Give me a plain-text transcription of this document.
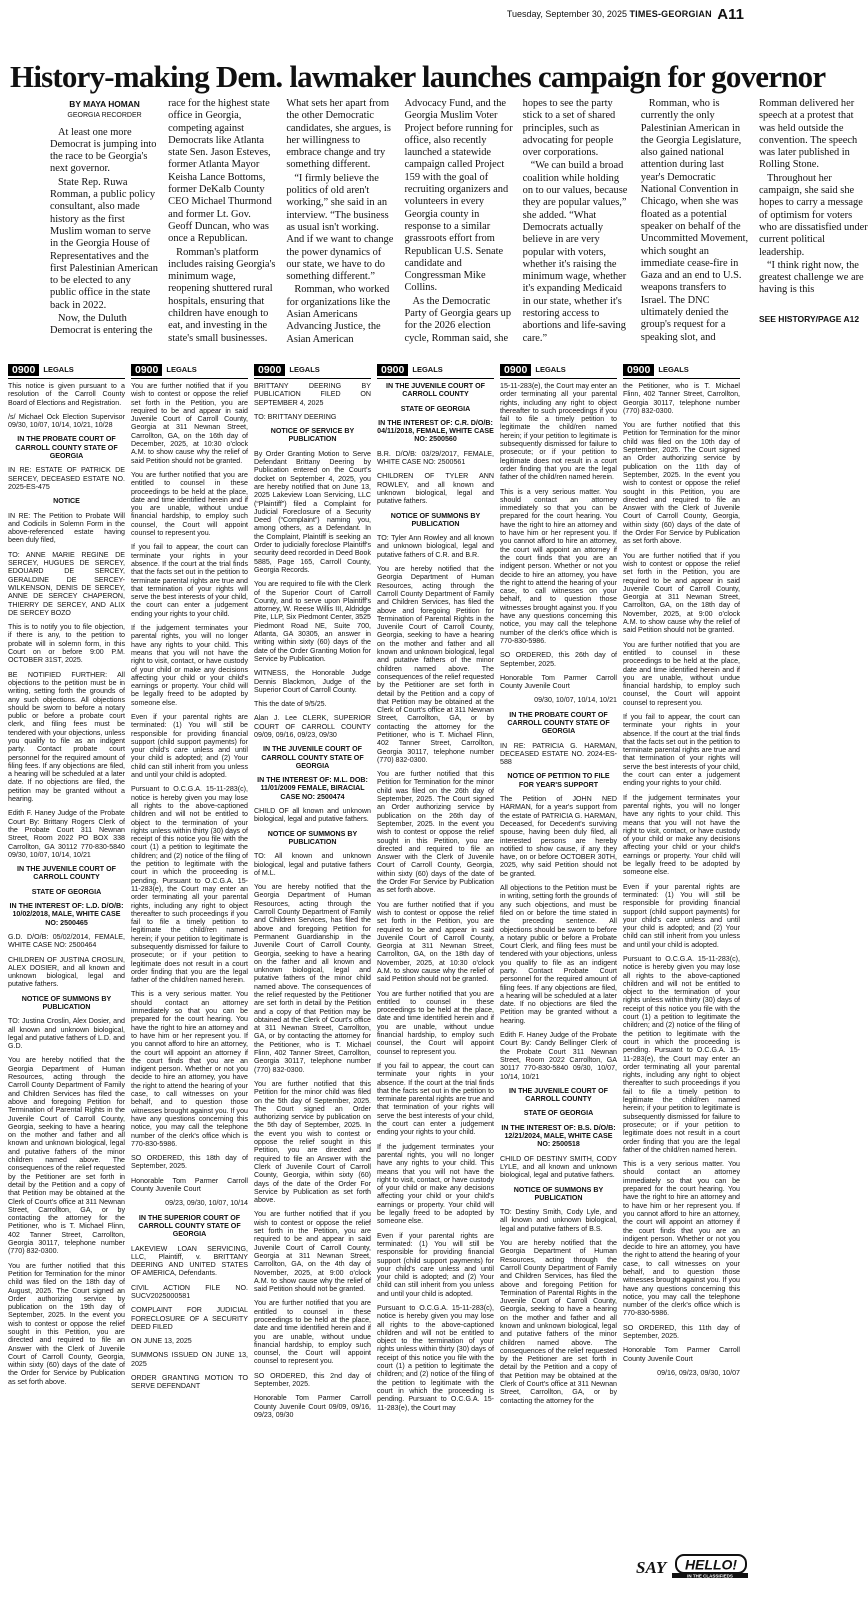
Tuesday, September 30, 2025 TIMES-GEORGIAN A11
History-making Dem. lawmaker launches campaign for governor
BY MAYA HOMAN
GEORGIA RECORDER

At least one more Democrat is jumping into the race to be Georgia's next governor.

State Rep. Ruwa Romman, a public policy consultant, also made history as the first Muslim woman to serve in the Georgia House of Representatives and the first Palestinian American to be elected to any public office in the state back in 2022.

Now, the Duluth Democrat is entering the race for the highest state office in Georgia, competing against Democrats like Atlanta state Sen. Jason Esteves, former Atlanta Mayor Keisha Lance Bottoms, former DeKalb County CEO Michael Thurmond and former Lt. Gov. Geoff Duncan, who was once a Republican.

Romman's platform includes raising Georgia's minimum wage, reopening shuttered rural hospitals, ensuring that children have enough to eat, and investing in the state's small businesses. What sets her apart from the other Democratic candidates, she argues, is her willingness to embrace change and try something different.

“I firmly believe the politics of old aren't working,” she said in an interview. “The business as usual isn't working. And if we want to change the power dynamics of our state, we have to do something different.”

Romman, who worked for organizations like the Asian Americans Advancing Justice, the Asian American Advocacy Fund, and the Georgia Muslim Voter Project before running for office, also recently launched a statewide campaign called Project 159 with the goal of recruiting organizers and volunteers in every Georgia county in response to a similar grassroots effort from Republican U.S. Senate candidate and Congressman Mike Collins.

As the Democratic Party of Georgia gears up for the 2026 election cycle, Romman said, she hopes to see the party stick to a set of shared principles, such as advocating for people over corporations.

“We can build a broad coalition while holding on to our values, because they are popular values,” she added. “What Democrats actually believe in are very popular with voters, whether it's raising the minimum wage, whether it's expanding Medicaid in our state, whether it's restoring access to abortions and life-saving care.”

Romman, who is currently the only Palestinian American in the Georgia Legislature, also gained national attention during last year's Democratic National Convention in Chicago, when she was floated as a potential speaker on behalf of the Uncommitted Movement, which sought an immediate cease-fire in Gaza and an end to U.S. weapons transfers to Israel. The DNC ultimately denied the group's request for a speaking slot, and Romman delivered her speech at a protest that was held outside the convention. The speech was later published in Rolling Stone.

Throughout her campaign, she said she hopes to carry a message of optimism for voters who are dissatisfied under current political leadership.

“I think right now, the greatest challenge we are having is this

SEE HISTORY/PAGE A12

0900	LEGALS
This notice is given pursuant to a resolution of the Carroll County Board of Elections and Registration.
/s/ Michael Ock Election Supervisor 09/30, 10/07, 10/14, 10/21, 10/28
IN THE PROBATE COURT OF CARROLL COUNTY STATE OF GEORGIA
IN RE: ESTATE OF PATRICK DE SERCEY, DECEASED ESTATE NO. 2025-ES-475
NOTICE
IN RE: The Petition to Probate Will and Codicils in Solemn Form in the above-referenced estate having been duly filed,
TO: ANNE MARIE REGINE DE SERCEY, HUGUES DE SERCEY, EDOUARD DE SERCEY, GERALDINE DE SERCEY-WILKENSON, DENIS DE SERCEY, ANNE DE SERCEY CHAPERON, THIERRY DE SERCEY, AND ALIX DE SERCEY BOZO
This is to notify you to file objection, if there is any, to the petition to probate will in solemn form, in this Court on or before 9:00 P.M. OCTOBER 31ST, 2025.
BE NOTIFIED FURTHER: All objections to the petition must be in writing, setting forth the grounds of any such objections. All objections should be sworn to before a notary public or before a probate court clerk, and filing fees must be tendered with your objections, unless you qualify to file as an indigent party. Contact probate court personnel for the required amount of filing fees. If any objections are filed, a hearing will be scheduled at a later date. If no objections are filed, the petition may be granted without a hearing.
Edith F. Haney Judge of the Probate Court By: Brittany Rogers Clerk of the Probate Court 311 Newnan Street, Room 2022 PO BOX 338 Carrollton, GA 30112 770-830-5840 09/30, 10/07, 10/14, 10/21
IN THE JUVENILE COURT OF CARROLL COUNTY
STATE OF GEORGIA
IN THE INTEREST OF: L.D. D/O/B: 10/02/2018, MALE, WHITE CASE NO: 2500465
G.D. D/O/B: 05/02/2014, FEMALE, WHITE CASE NO: 2500464
CHILDREN OF JUSTINA CROSLIN, ALEX DOSIER, and all known and unknown biological, legal and putative fathers.
NOTICE OF SUMMONS BY PUBLICATION
TO: Justina Croslin, Alex Dosier, and all known and unknown biological, legal and putative fathers of L.D. and G.D.
You are hereby notified that the Georgia Department of Human Resources, acting through the Carroll County Department of Family and Children Services has filed the above and foregoing Petition for Termination of Parental Rights in the Juvenile Court of Carroll County, Georgia, seeking to have a hearing on the mother and father and all known and unknown biological, legal and putative fathers of the minor children named above. The consequences of the relief requested by the Petitioner are set forth in detail by the Petition and a copy of that Petition may be obtained at the Clerk of Court's office at 311 Newnan Street, Carrollton, GA, or by contacting the attorney for the Petitioner, who is T. Michael Flinn, 402 Tanner Street, Carrollton, Georgia 30117, telephone number (770) 832-0300.
You are further notified that this Petition for Termination for the minor child was filed on the 18th day of August, 2025. The Court signed an Order authorizing service by publication on the 19th day of September, 2025. In the event you wish to contest or oppose the relief sought in this Petition, you are directed and required to file an Answer with the Clerk of Juvenile Court of Carroll County, Georgia, within sixty (60) days of the date of the Order for Service by Publication as set forth above.
0900	LEGALS
You are further notified that if you wish to contest or oppose the relief set forth in the Petition, you are required to be and appear in said Juvenile Court of Carroll County, Georgia at 311 Newnan Street, Carrollton, GA, on the 16th day of December, 2025, at 10:30 o'clock A.M. to show cause why the relief of said Petition should not be granted.
You are further notified that you are entitled to counsel in these proceedings to be held at the place, date and time identified herein and if you are unable, without undue financial hardship, to employ such counsel, the Court will appoint counsel to represent you.
If you fail to appear, the court can terminate your rights in your absence. If the court at the trial finds that the facts set out in the petition to terminate parental rights are true and that termination of your rights will serve the best interests of your child, the court can enter a judgement ending your rights to your child.
If the judgement terminates your parental rights, you will no longer have any rights to your child. This means that you will not have the right to visit, contact, or have custody of your child or make any decisions affecting your child or your child's earnings or property. Your child will be legally freed to be adopted by someone else.
Even if your parental rights are terminated: (1) You will still be responsible for providing financial support (child support payments) for your child's care unless and until your child is adopted; and (2) Your child can still inherit from you unless and until your child is adopted.
Pursuant to O.C.G.A. 15-11-283(c), notice is hereby given you may lose all rights to the above-captioned children and will not be entitled to object to the termination of your rights unless within thirty (30) days of receipt of this notice you file with the court (1) a petition to legitimate the children; and (2) notice of the filing of the petition to legitimate with the court in which the proceeding is pending. Pursuant to O.C.G.A. 15-11-283(e), the Court may enter an order terminating all your parental rights, including any right to object thereafter to such proceedings if you fail to file a timely petition to legitimate the child/ren named herein; if your petition to legitimate is subsequently dismissed for failure to prosecute; or if your petition to legitimate does not result in a court order finding that you are the legal father of the child/ren named herein.
This is a very serious matter. You should contact an attorney immediately so that you can be prepared for the court hearing. You have the right to hire an attorney and to have him or her represent you. If you cannot afford to hire an attorney, the court will appoint an attorney if the court finds that you are an indigent person. Whether or not you decide to hire an attorney, you have the right to attend the hearing of your case, to call witnesses on your behalf, and to question those witnesses brought against you. If you have any questions concerning this notice, you may call the telephone number of the clerk's office which is 770-830-5986.
SO ORDERED, this 18th day of September, 2025.
Honorable Tom Parmer Carroll County Juvenile Court
09/23, 09/30, 10/07, 10/14
IN THE SUPERIOR COURT OF CARROLL COUNTY STATE OF GEORGIA
LAKEVIEW LOAN SERVICING, LLC, Plaintiff, v. BRITTANY DEERING AND UNITED STATES OF AMERICA, Defendants.
CIVIL ACTION FILE NO. SUCV2025000581
COMPLAINT FOR JUDICIAL FORECLOSURE OF A SECURITY DEED FILED
ON JUNE 13, 2025
SUMMONS ISSUED ON JUNE 13, 2025
ORDER GRANTING MOTION TO SERVE DEFENDANT
0900	LEGALS
BRITTANY DEERING BY PUBLICATION FILED ON SEPTEMBER 4, 2025
TO: BRITTANY DEERING
NOTICE OF SERVICE BY PUBLICATION
By Order Granting Motion to Serve Defendant Brittany Deering by Publication entered on the Court's docket on September 4, 2025, you are hereby notified that on June 13, 2025 Lakeview Loan Servicing, LLC (“Plaintiff”) filed a Complaint for Judicial Foreclosure of a Security Deed (“Complaint”) naming you, among others, as a Defendant. In the Complaint, Plaintiff is seeking an Order to judicially foreclose Plaintiff's security deed recorded in Deed Book 5885, Page 165, Carroll County, Georgia Records.
You are required to file with the Clerk of the Superior Court of Carroll County, and to serve upon Plaintiff's attorney, W. Reese Willis III, Aldridge Pite, LLP, Six Piedmont Center, 3525 Piedmont Road NE, Suite 700, Atlanta, GA 30305, an answer in writing within sixty (60) days of the date of the Order Granting Motion for Service by Publication.
WITNESS, the Honorable Judge Dennis Blackmon, Judge of the Superior Court of Carroll County.
This the date of 9/5/25.
Alan J. Lee CLERK, SUPERIOR COURT OF CARROLL COUNTY 09/09, 09/16, 09/23, 09/30
IN THE JUVENILE COURT OF CARROLL COUNTY STATE OF GEORGIA
IN THE INTEREST OF: M.L. DOB: 11/01/2009 FEMALE, BIRACIAL CASE NO: 2500474
CHILD OF all known and unknown biological, legal and putative fathers.
NOTICE OF SUMMONS BY PUBLICATION
TO: All known and unknown biological, legal and putative fathers of M.L.
You are hereby notified that the Georgia Department of Human Resources, acting through the Carroll County Department of Family and Children Services, has filed the above and foregoing Petition for Permanent Guardianship in the Juvenile Court of Carroll County, Georgia, seeking to have a hearing on the father and all known and unknown biological, legal and putative fathers of the minor child named above. The consequences of the relief requested by the Petitioner are set forth in detail by the Petition and a copy of that Petition may be obtained at the Clerk of Court's office at 311 Newnan Street, Carrollton, GA, or by contacting the attorney for the Petitioner, who is T. Michael Flinn, 402 Tanner Street, Carrollton, Georgia 30117, telephone number (770) 832-0300.
You are further notified that this Petition for the minor child was filed on the 5th day of September, 2025. The Court signed an Order authorizing service by publication on the 5th day of September, 2025. In the event you wish to contest or oppose the relief sought in this Petition, you are directed and required to file an Answer with the Clerk of Juvenile Court of Carroll County, Georgia, within sixty (60) days of the date of the Order For Service by Publication as set forth above.
You are further notified that if you wish to contest or oppose the relief set forth in the Petition, you are required to be and appear in said Juvenile Court of Carroll County, Georgia at 311 Newnan Street, Carrollton, GA, on the 4th day of November, 2025, at 9:00 o'clock A.M. to show cause why the relief of said Petition should not be granted.
You are further notified that you are entitled to counsel in these proceedings to be held at the place, date and time identified herein and if you are unable, without undue financial hardship, to employ such counsel, the Court will appoint counsel to represent you.
SO ORDERED, this 2nd day of September, 2025.
Honorable Tom Parmer Carroll County Juvenile Court 09/09, 09/16, 09/23, 09/30
0900	LEGALS
IN THE JUVENILE COURT OF CARROLL COUNTY
STATE OF GEORGIA
IN THE INTEREST OF: C.R. D/O/B: 04/11/2018, FEMALE, WHITE CASE NO: 2500560
B.R. D/O/B: 03/29/2017, FEMALE, WHITE CASE NO: 2500561
CHILDREN OF TYLER ANN ROWLEY, and all known and unknown biological, legal and putative fathers.
NOTICE OF SUMMONS BY PUBLICATION
TO: Tyler Ann Rowley and all known and unknown biological, legal and putative fathers of C.R. and B.R.
You are hereby notified that the Georgia Department of Human Resources, acting through the Carroll County Department of Family and Children Services, has filed the above and foregoing Petition for Termination of Parental Rights in the Juvenile Court of Carroll County, Georgia, seeking to have a hearing on the mother and father and all known and unknown biological, legal and putative fathers of the minor children named above. The consequences of the relief requested by the Petitioner are set forth in detail by the Petition and a copy of that Petition may be obtained at the Clerk of Court's office at 311 Newnan Street, Carrollton, GA, or by contacting the attorney for the Petitioner, who is T. Michael Flinn, 402 Tanner Street, Carrollton, Georgia 30117, telephone number (770) 832-0300.
You are further notified that this Petition for Termination for the minor child was filed on the 26th day of September, 2025. The Court signed an Order authorizing service by publication on the 26th day of September, 2025. In the event you wish to contest or oppose the relief sought in this Petition, you are directed and required to file an Answer with the Clerk of Juvenile Court of Carroll County, Georgia, within sixty (60) days of the date of the Order For Service by Publication as set forth above.
You are further notified that if you wish to contest or oppose the relief set forth in the Petition, you are required to be and appear in said Juvenile Court of Carroll County, Georgia at 311 Newnan Street, Carrollton, GA, on the 18th day of November, 2025, at 10:30 o'clock A.M. to show cause why the relief of said Petition should not be granted.
You are further notified that you are entitled to counsel in these proceedings to be held at the place, date and time identified herein and if you are unable, without undue financial hardship, to employ such counsel, the Court will appoint counsel to represent you.
If you fail to appear, the court can terminate your rights in your absence. If the court at the trial finds that the facts set out in the petition to terminate parental rights are true and that termination of your rights will serve the best interests of your child, the court can enter a judgement ending your rights to your child.
If the judgement terminates your parental rights, you will no longer have any rights to your child. This means that you will not have the right to visit, contact, or have custody of your child or make any decisions affecting your child or your child's earnings or property. Your child will be legally freed to be adopted by someone else.
Even if your parental rights are terminated: (1) You will still be responsible for providing financial support (child support payments) for your child's care unless and until your child is adopted; and (2) Your child can still inherit from you unless and until your child is adopted.
Pursuant to O.C.G.A. 15-11-283(c), notice is hereby given you may lose all rights to the above-captioned children and will not be entitled to object to the termination of your rights unless within thirty (30) days of receipt of this notice you file with the court (1) a petition to legitimate the children; and (2) notice of the filing of the petition to legitimate with the court in which the proceeding is pending. Pursuant to O.C.G.A. 15-11-283(e), the Court may
0900	LEGALS
15-11-283(e), the Court may enter an order terminating all your parental rights, including any right to object thereafter to such proceedings if you fail to file a timely petition to legitimate the child/ren named herein; if your petition to legitimate is subsequently dismissed for failure to prosecute; or if your petition to legitimate does not result in a court order finding that you are the legal father of the child/ren named herein.
This is a very serious matter. You should contact an attorney immediately so that you can be prepared for the court hearing. You have the right to hire an attorney and to have him or her represent you. If you cannot afford to hire an attorney, the court will appoint an attorney if the court finds that you are an indigent person. Whether or not you decide to hire an attorney, you have the right to attend the hearing of your case, to call witnesses on your behalf, and to question those witnesses brought against you. If you have any questions concerning this notice, you may call the telephone number of the clerk's office which is 770-830-5986.
SO ORDERED, this 26th day of September, 2025.
Honorable Tom Parmer Carroll County Juvenile Court
09/30, 10/07, 10/14, 10/21
IN THE PROBATE COURT OF CARROLL COUNTY STATE OF GEORGIA
IN RE: PATRICIA G. HARMAN, DECEASED ESTATE NO. 2024-ES-588
NOTICE OF PETITION TO FILE FOR YEAR'S SUPPORT
The Petition of JOHN NED HARMAN, for a year's support from the estate of PATRICIA G. HARMAN, Deceased, for Decedent's surviving spouse, having been duly filed, all interested persons are hereby notified to show cause, if any they have, on or before OCTOBER 30TH, 2025, why said Petition should not be granted.
All objections to the Petition must be in writing, setting forth the grounds of any such objections, and must be filed on or before the time stated in the preceding sentence. All objections should be sworn to before a notary public or before a Probate Court Clerk, and filing fees must be tendered with your objections, unless you qualify to file as an indigent party. Contact Probate Court personnel for the required amount of filing fees. If any objections are filed, a hearing will be scheduled at a later date. If no objections are filed the Petition may be granted without a hearing.
Edith F. Haney Judge of the Probate Court By: Candy Bellinger Clerk of the Probate Court 311 Newnan Street, Room 2022 Carrollton, GA 30117 770-830-5840 09/30, 10/07, 10/14, 10/21
IN THE JUVENILE COURT OF CARROLL COUNTY
STATE OF GEORGIA
IN THE INTEREST OF: B.S. D/O/B: 12/21/2024, MALE, WHITE CASE NO: 2500518
CHILD OF DESTINY SMITH, CODY LYLE, and all known and unknown biological, legal and putative fathers.
NOTICE OF SUMMONS BY PUBLICATION
TO: Destiny Smith, Cody Lyle, and all known and unknown biological, legal and putative fathers of B.S.
You are hereby notified that the Georgia Department of Human Resources, acting through the Carroll County Department of Family and Children Services, has filed the above and foregoing Petition for Termination of Parental Rights in the Juvenile Court of Carroll County, Georgia, seeking to have a hearing on the mother and father and all known and unknown biological, legal and putative fathers of the minor children named above. The consequences of the relief requested by the Petitioner are set forth in detail by the Petition and a copy of that Petition may be obtained at the Clerk of Court's office at 311 Newnan Street, Carrollton, GA, or by contacting the attorney for the
0900	LEGALS
the Petitioner, who is T. Michael Flinn, 402 Tanner Street, Carrollton, Georgia 30117, telephone number (770) 832-0300.
You are further notified that this Petition for Termination for the minor child was filed on the 10th day of September, 2025. The Court signed an Order authorizing service by publication on the 11th day of September, 2025. In the event you wish to contest or oppose the relief sought in this Petition, you are directed and required to file an Answer with the Clerk of Juvenile Court of Carroll County, Georgia, within sixty (60) days of the date of the Order For Service by Publication as set forth above.
You are further notified that if you wish to contest or oppose the relief set forth in the Petition, you are required to be and appear in said Juvenile Court of Carroll County, Georgia at 311 Newnan Street, Carrollton, GA, on the 18th day of November, 2025, at 9:00 o'clock A.M. to show cause why the relief of said Petition should not be granted.
You are further notified that you are entitled to counsel in these proceedings to be held at the place, date and time identified herein and if you are unable, without undue financial hardship, to employ such counsel, the Court will appoint counsel to represent you.
If you fail to appear, the court can terminate your rights in your absence. If the court at the trial finds that the facts set out in the petition to terminate parental rights are true and that termination of your rights will serve the best interests of your child, the court can enter a judgement ending your rights to your child.
If the judgement terminates your parental rights, you will no longer have any rights to your child. This means that you will not have the right to visit, contact, or have custody of your child or make any decisions affecting your child or your child's earnings or property. Your child will be legally freed to be adopted by someone else.
Even if your parental rights are terminated: (1) You will still be responsible for providing financial support (child support payments) for your child's care unless and until your child is adopted; and (2) Your child can still inherit from you unless and until your child is adopted.
Pursuant to O.C.G.A. 15-11-283(c), notice is hereby given you may lose all rights to the above-captioned children and will not be entitled to object to the termination of your rights unless within thirty (30) days of receipt of this notice you file with the court (1) a petition to legitimate the children; and (2) notice of the filing of the petition to legitimate with the court in which the proceeding is pending. Pursuant to O.C.G.A. 15-11-283(e), the Court may enter an order terminating all your parental rights, including any right to object thereafter to such proceedings if you fail to file a timely petition to legitimate the child/ren named herein; if your petition to legitimate is subsequently dismissed for failure to prosecute; or if your petition to legitimate does not result in a court order finding that you are the legal father of the child/ren named herein.
This is a very serious matter. You should contact an attorney immediately so that you can be prepared for the court hearing. You have the right to hire an attorney and to have him or her represent you. If you cannot afford to hire an attorney, the court will appoint an attorney if the court finds that you are an indigent person. Whether or not you decide to hire an attorney, you have the right to attend the hearing of your case, to call witnesses on your behalf, and to question those witnesses brought against you. If you have any questions concerning this notice, you may call the telephone number of the clerk's office which is 770-830-5986.
SO ORDERED, this 11th day of September, 2025.
Honorable Tom Parmer Carroll County Juvenile Court
09/16, 09/23, 09/30, 10/07
SAY HELLO!
IN THE CLASSIFIEDS
